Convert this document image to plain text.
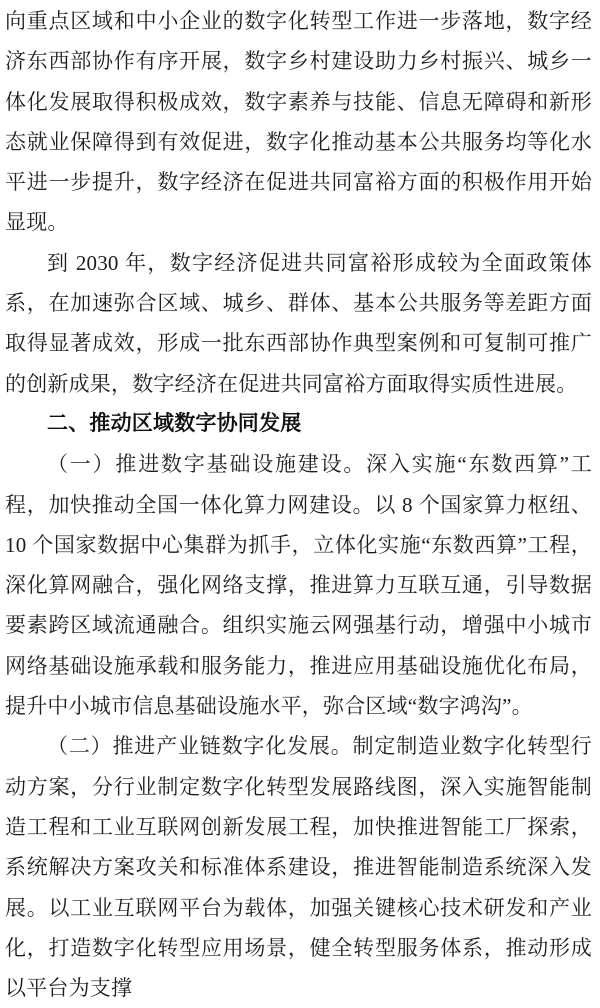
向重点区域和中小企业的数字化转型工作进一步落地，数字经济东西部协作有序开展，数字乡村建设助力乡村振兴、城乡一体化发展取得积极成效，数字素养与技能、信息无障碍和新形态就业保障得到有效促进，数字化推动基本公共服务均等化水平进一步提升，数字经济在促进共同富裕方面的积极作用开始显现。

到 2030 年，数字经济促进共同富裕形成较为全面政策体系，在加速弥合区域、城乡、群体、基本公共服务等差距方面取得显著成效，形成一批东西部协作典型案例和可复制可推广的创新成果，数字经济在促进共同富裕方面取得实质性进展。

二、推动区域数字协同发展

（一）推进数字基础设施建设。深入实施“东数西算”工程，加快推动全国一体化算力网建设。以 8 个国家算力枢纽、10 个国家数据中心集群为抓手，立体化实施“东数西算”工程，深化算网融合，强化网络支撑，推进算力互联互通，引导数据要素跨区域流通融合。组织实施云网强基行动，增强中小城市网络基础设施承载和服务能力，推进应用基础设施优化布局，提升中小城市信息基础设施水平，弥合区域“数字鸿沟”。

（二）推进产业链数字化发展。制定制造业数字化转型行动方案，分行业制定数字化转型发展路线图，深入实施智能制造工程和工业互联网创新发展工程，加快推进智能工厂探索，系统解决方案攻关和标准体系建设，推进智能制造系统深入发展。以工业互联网平台为载体，加强关键核心技术研发和产业化，打造数字化转型应用场景，健全转型服务体系，推动形成以平台为支撑
